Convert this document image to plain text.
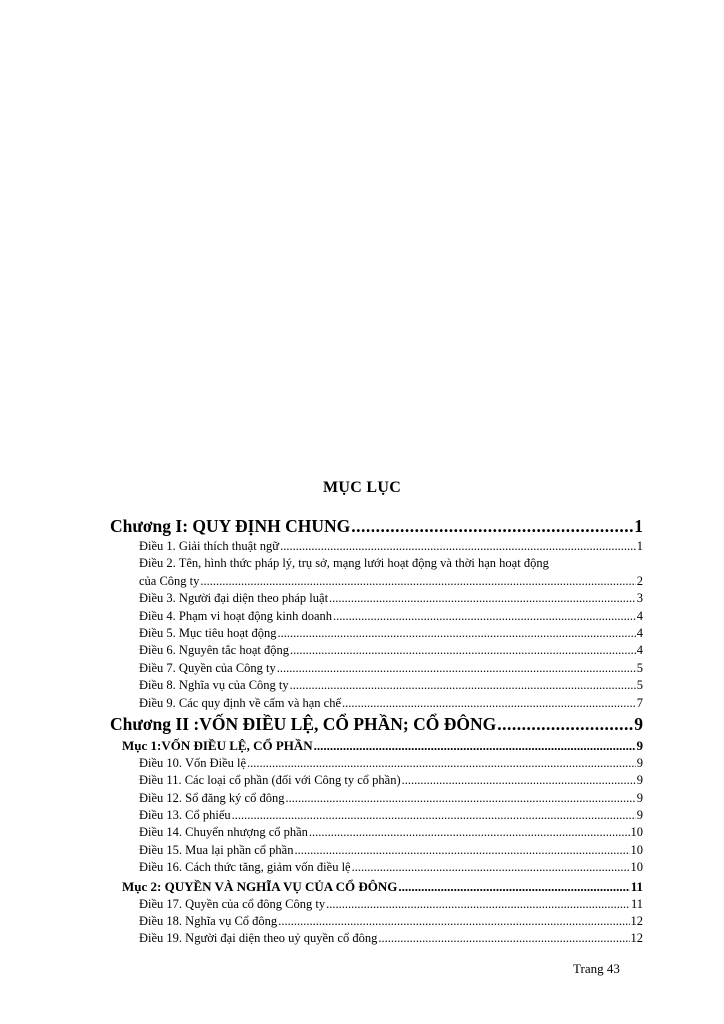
MỤC LỤC
Chương I: QUY ĐỊNH CHUNG .....	1
Điều 1. Giải thích thuật ngữ .....	1
Điều 2. Tên, hình thức pháp lý, trụ sở, mạng lưới hoạt động và thời hạn hoạt động
của Công ty .....	2
Điều 3. Người đại diện theo pháp luật .....	3
Điều 4. Phạm vi hoạt động kinh doanh .....	4
Điều 5. Mục tiêu hoạt động .....	4
Điều 6. Nguyên tắc hoạt động .....	4
Điều 7. Quyền của Công ty .....	5
Điều 8. Nghĩa vụ của Công ty .....	5
Điều 9. Các quy định về cấm và hạn chế .....	7
Chương II :VỐN ĐIỀU LỆ, CỔ PHẦN; CỔ ĐÔNG .....	9
Mục 1:VỐN ĐIỀU LỆ, CỔ PHẦN .....	9
Điều 10. Vốn Điều lệ .....	9
Điều 11. Các loại cổ phần (đối với Công ty cổ phần) .....	9
Điều 12. Sổ đăng ký cổ đông .....	9
Điều 13. Cổ phiếu .....	9
Điều 14. Chuyển nhượng cổ phần .....	10
Điều 15. Mua lại phần cổ phần .....	10
Điều 16. Cách thức tăng, giảm vốn điều lệ .....	10
Mục 2: QUYỀN VÀ NGHĨA VỤ CỦA CỔ ĐÔNG .....	11
Điều 17. Quyền của cổ đông Công ty .....	11
Điều 18. Nghĩa vụ Cổ đông .....	12
Điều 19. Người đại diện theo uỷ quyền cổ đông .....	12
Trang 43
